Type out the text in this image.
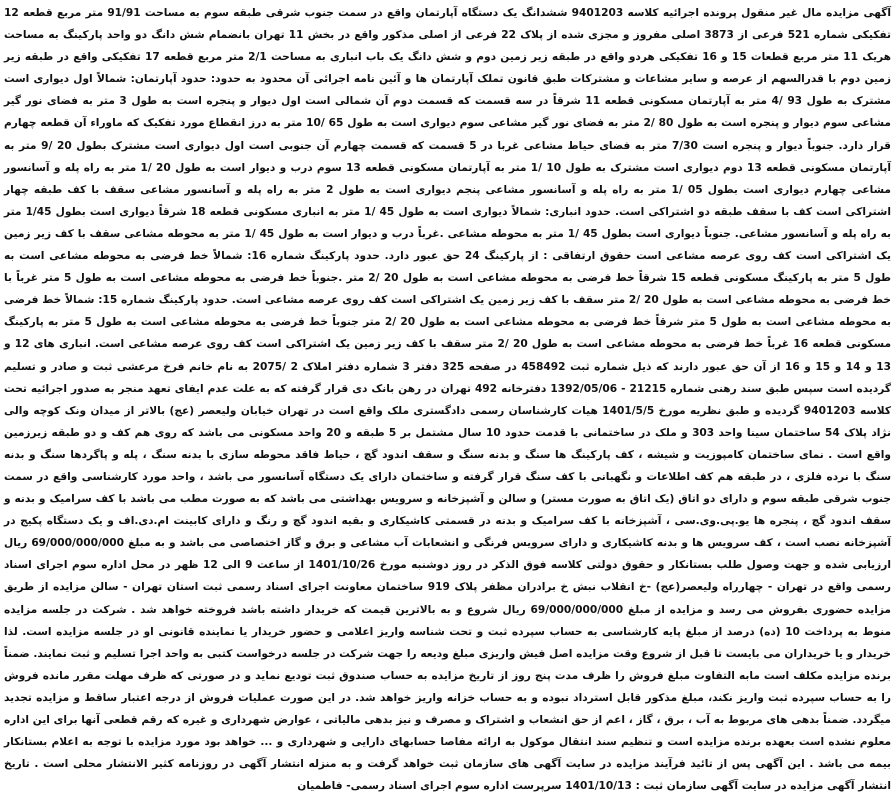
آگهی مزایده مال غیر منقول پرونده اجرائیه کلاسه 9401203 ششدانگ یک دستگاه آپارتمان واقع در سمت جنوب شرقی طبقه سوم به مساحت 91/91 متر مربع قطعه 12 تفکیکی شماره 521 فرعی از 3873 اصلی مفروز و مجزی شده از پلاک 22 فرعی از اصلی مذکور واقع در بخش 11 تهران بانضمام شش دانگ دو واحد پارکینگ به مساحت هریک 11 متر مربع قطعات 15 و 16 تفکیکی هردو واقع در طبقه زیر زمین دوم و شش دانگ یک باب انباری به مساحت 2/1 متر مربع قطعه 17 تفکیکی واقع در طبقه زیر زمین دوم با قدرالسهم از عرصه و سایر مشاعات و مشترکات طبق قانون تملک آپارتمان ها و آئین نامه اجرائی آن محدود به حدود: حدود آپارتمان: شمالاً اول دیواری است مشترک به طول 93 /4 متر به آپارتمان مسکونی قطعه 11 شرقاً در سه قسمت که قسمت دوم آن شمالی است اول دیوار و پنجره است به طول 3 متر به فضای نور گیر مشاعی سوم دیوار و پنجره است به طول 80 /2 متر به فضای نور گیر مشاعی سوم دیواری است به طول 65 /10 متر به درز انقطاع مورد تفکیک که ماوراء آن قطعه چهارم قرار دارد. جنوباً دیوار و پنجره است 7/30 متر به فضای حیاط مشاعی غربا در 5 قسمت که قسمت چهارم آن جنوبی است اول دیواری است مشترک بطول 20 /9 متر به آپارتمان مسکونی قطعه 13 دوم دیواری است مشترک به طول 10 /1 متر به آپارتمان مسکونی قطعه 13 سوم درب و دیوار است به طول 20 /1 متر به راه پله و آسانسور مشاعی چهارم دیواری است بطول 05 /1 متر به راه پله و آسانسور مشاعی پنجم دیواری است به طول 2 متر به راه پله و آسانسور مشاعی سقف با کف طبقه چهار اشتراکی است کف با سقف طبقه دو اشتراکی است. حدود انباری: شمالاً دیواری است به طول 45 /1 متر به انباری مسکونی قطعه 18 شرقاً دیواری است بطول 1/45 متر به راه پله و آسانسور مشاعی. جنوباً دیواری است بطول 45 /1 متر به محوطه مشاعی .غرباً درب و دیوار است به طول 45 /1 متر به محوطه مشاعی سقف با کف زیر زمین یک اشتراکی است کف روی عرصه مشاعی است حقوق ارتفاقی : از پارکینگ 24 حق عبور دارد. حدود پارکینگ شماره 16: شمالاً خط فرضی به محوطه مشاعی است به طول 5 متر به پارکینگ مسکونی قطعه 15 شرقاً خط فرضی به محوطه مشاعی است به طول 20 /2 متر .جنوباً خط فرضی به محوطه مشاعی است به طول 5 متر غرباً با خط فرضی به محوطه مشاعی است به طول 20 /2 متر سقف با کف زیر زمین یک اشتراکی است کف روی عرصه مشاعی است. حدود پارکینگ شماره 15: شمالاً خط فرضی به محوطه مشاعی است به طول 5 متر شرقاً خط فرضی به محوطه مشاعی است به طول 20 /2 متر جنوباً خط فرضی به محوطه مشاعی است به طول 5 متر به پارکینگ مسکونی قطعه 16 غرباً خط فرضی به محوطه مشاعی است به طول 20 /2 متر سقف با کف زیر زمین یک اشتراکی است کف روی عرصه مشاعی است. انباری های 12 و 13 و 14 و 15 و 16 از آن حق عبور دارند که ذیل شماره ثبت 458492 در صفحه 325 دفتر 3 شماره دفتر املاک 2 /2075 به نام خانم فرخ مرعشی ثبت و صادر و تسلیم گردیده است سپس طبق سند رهنی شماره 21215 - 1392/05/06 دفترخانه 492 تهران در رهن بانک دی قرار گرفته که به علت عدم ایفای تعهد منجر به صدور اجرائیه تحت کلاسه 9401203 گردیده و طبق نظریه مورخ 1401/5/5 هیات کارشناسان رسمی دادگستری ملک واقع است در تهران خیابان ولیعصر (عج) بالاتر از میدان ونک کوچه والی نژاد پلاک 54 ساختمان سینا واحد 303 و ملک در ساختمانی با قدمت حدود 10 سال مشتمل بر 5 طبقه و 20 واحد مسکونی می باشد که روی هم کف و دو طبقه زیرزمین واقع است . نمای ساختمان کامپوزیت و شیشه ، کف پارکینگ ها سنگ و بدنه سنگ و سقف اندود گچ ، حیاط فاقد محوطه سازی با بدنه سنگ ، پله و پاگردها سنگ و بدنه سنگ با نرده فلزی ، در طبقه هم کف اطلاعات و نگهبانی با کف سنگ قرار گرفته و ساختمان دارای یک دستگاه آسانسور می باشد ، واحد مورد کارشناسی واقع در سمت جنوب شرقی طبقه سوم و دارای دو اتاق (یک اتاق به صورت مستر) و سالن و آشپزخانه و سرویس بهداشتی می باشد که به صورت مطب می باشد با کف سرامیک و بدنه و سقف اندود گچ ، پنجره ها یو.پی.وی.سی ، آشپزخانه با کف سرامیک و بدنه در قسمتی کاشیکاری و بقیه اندود گچ و رنگ و دارای کابینت ام.دی.اف و یک دستگاه پکیج در آشپزخانه نصب است ، کف سرویس ها و بدنه کاشیکاری و دارای سرویس فرنگی و انشعابات آب مشاعی و برق و گاز اختصاصی می باشد و به مبلغ 69/000/000/000 ریال ارزیابی شده و جهت وصول طلب بستانکار و حقوق دولتی کلاسه فوق الذکر در روز دوشنبه مورخ 1401/10/26 از ساعت 9 الی 12 ظهر در محل اداره سوم اجرای اسناد رسمی واقع در تهران - چهارراه ولیعصر(عج) -خ انقلاب نبش خ برادران مظفر پلاک 919 ساختمان معاونت اجرای اسناد رسمی ثبت استان تهران - سالن مزایده از طریق مزایده حضوری بفروش می رسد و مزایده از مبلغ 69/000/000/000 ریال شروع و به بالاترین قیمت که خریدار داشته باشد فروخته خواهد شد . شرکت در جلسه مزایده منوط به پرداخت 10 (ده) درصد از مبلغ پایه کارشناسی به حساب سپرده ثبت و تحت شناسه واریز اعلامی و حضور خریدار یا نماینده قانونی او در جلسه مزایده است. لذا خریدار و یا خریداران می بایست تا قبل از شروع وقت مزایده اصل فیش واریزی مبلغ ودیعه را جهت شرکت در جلسه درخواست کتبی به واحد اجرا تسلیم و ثبت نمایند. ضمناً برنده مزایده مکلف است مابه التفاوت مبلغ فروش را ظرف مدت پنج روز از تاریخ مزایده به حساب صندوق ثبت تودیع نماید و در صورتی که ظرف مهلت مقرر مانده فروش را به حساب سپرده ثبت واریز نکند، مبلغ مذکور قابل استرداد نبوده و به حساب خزانه واریز خواهد شد. در این صورت عملیات فروش از درجه اعتبار ساقط و مزایده تجدید میگردد. ضمناً بدهی های مربوط به آب ، برق ، گاز ، اعم از حق انشعاب و اشتراک و مصرف و نیز بدهی مالیاتی ، عوارض شهرداری و غیره که رقم قطعی آنها برای این اداره معلوم نشده است بعهده برنده مزایده است و تنظیم سند انتقال موکول به ارائه مفاصا حسابهای دارایی و شهرداری و ... خواهد بود مورد مزایده با توجه به اعلام بستانکار بیمه می باشد . این آگهی پس از تائید فرآیند مزایده در سایت آگهی های سازمان ثبت خواهد گرفت و به منزله انتشار آگهی در روزنامه کثیر الانتشار محلی است . تاریخ انتشار آگهی مزایده در سایت آگهی سازمان ثبت : 1401/10/13 سرپرست اداره سوم اجرای اسناد رسمی- فاطمیان
